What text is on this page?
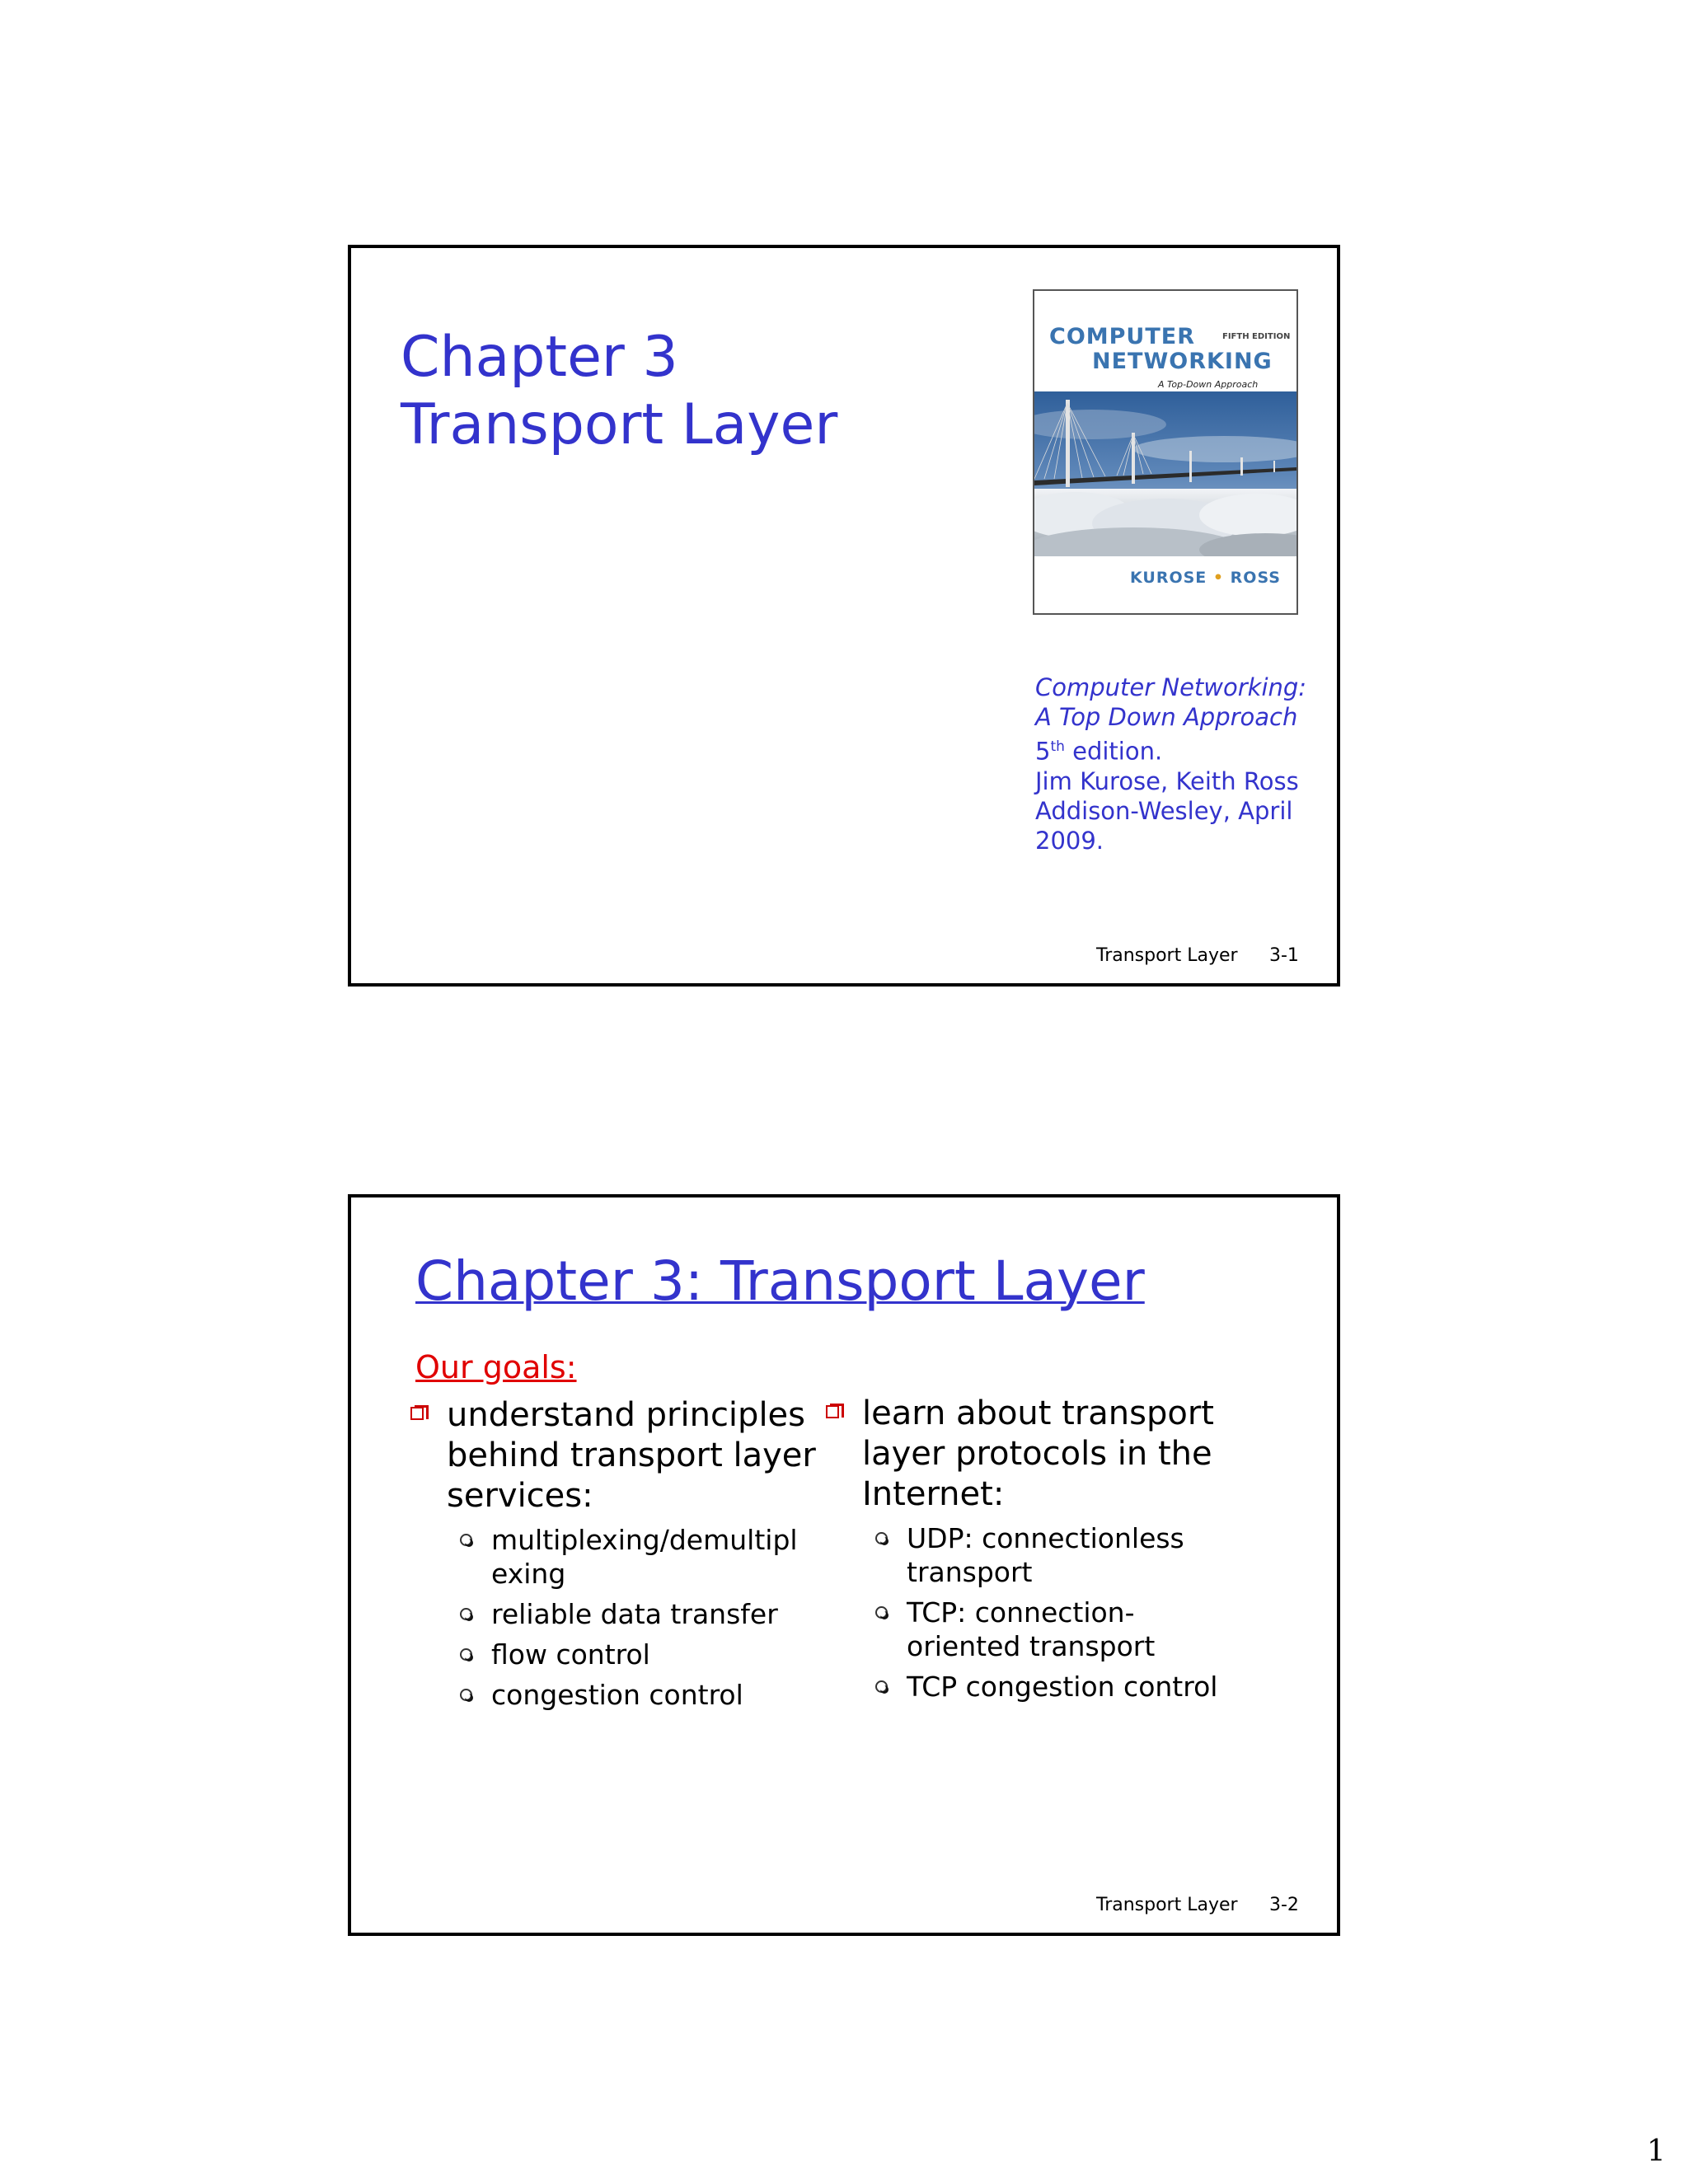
Chapter 3
Transport Layer
COMPUTER	FIFTH EDITION
NETWORKING
A Top-Down Approach
KUROSE • ROSS
Computer Networking:
A Top Down Approach
5th edition.
Jim Kurose, Keith Ross
Addison-Wesley, April
2009.
Transport Layer 3-1
Chapter 3: Transport Layer
Our goals:
understand principles behind transport layer services:
multiplexing/demultipl exing
reliable data transfer
flow control
congestion control
learn about transport layer protocols in the Internet:
UDP: connectionless transport
TCP: connection-oriented transport
TCP congestion control
Transport Layer 3-2
1
